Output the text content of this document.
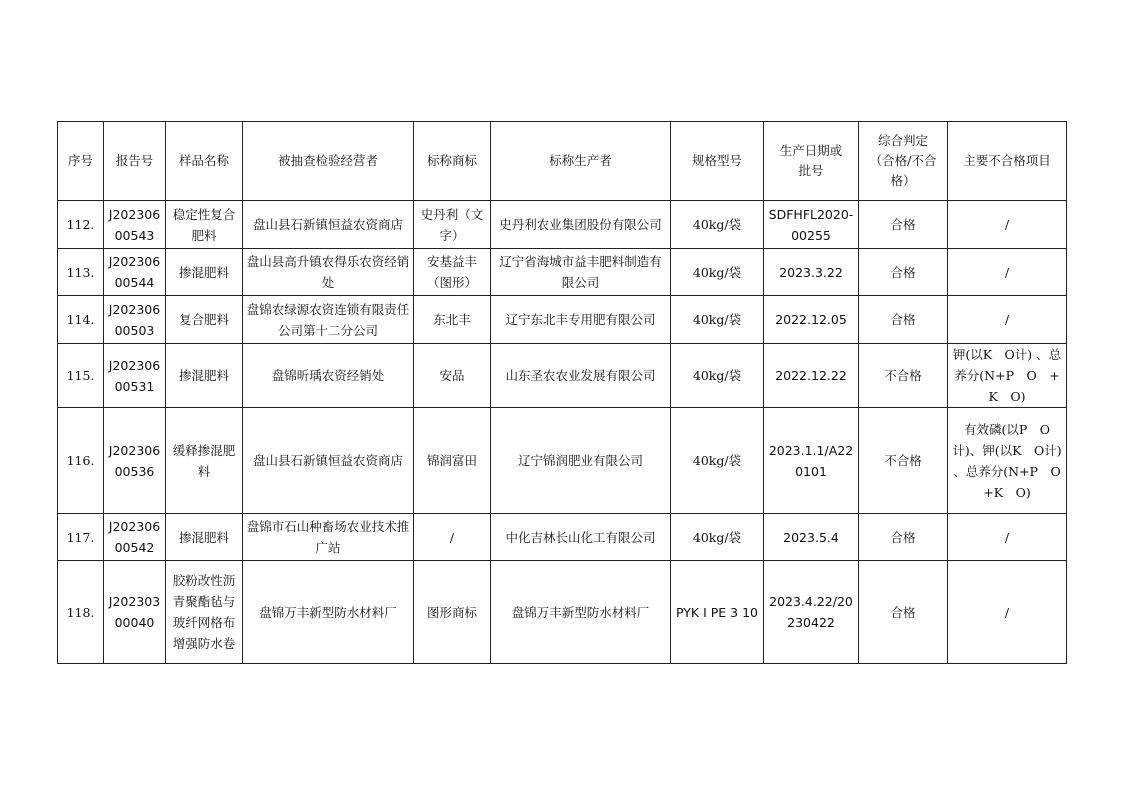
序号	报告号	样品名称	被抽查检验经营者	标称商标	标称生产者	规格型号	生产日期或批号	综合判定（合格/不合格）	主要不合格项目
112.	J20230600543	稳定性复合肥料	盘山县石新镇恒益农资商店	史丹利（文字）	史丹利农业集团股份有限公司	40kg/袋	SDFHFL2020-00255	合格	/
113.	J20230600544	掺混肥料	盘山县高升镇农得乐农资经销处	安基益丰（图形）	辽宁省海城市益丰肥料制造有限公司	40kg/袋	2023.3.22	合格	/
114.	J20230600503	复合肥料	盘锦农绿源农资连锁有限责任公司第十二分公司	东北丰	辽宁东北丰专用肥有限公司	40kg/袋	2022.12.05	合格	/
115.	J20230600531	掺混肥料	盘锦昕瑀农资经销处	安品	山东圣农农业发展有限公司	40kg/袋	2022.12.22	不合格	钾(以K　O计) 、总养分(N+P　O　+K　O)
116.	J20230600536	缓释掺混肥料	盘山县石新镇恒益农资商店	锦润富田	辽宁锦润肥业有限公司	40kg/袋	2023.1.1/A220101	不合格	有效磷(以P　O计)、钾(以K　O计) 、总养分(N+P　O　+K　O)
117.	J20230600542	掺混肥料	盘锦市石山种畜场农业技术推广站	/	中化吉林长山化工有限公司	40kg/袋	2023.5.4	合格	/
118.	J20230300040	胶粉改性沥青聚酯毡与玻纤网格布增强防水卷	盘锦万丰新型防水材料厂	图形商标	盘锦万丰新型防水材料厂	PYK Ⅰ PE 3 10	2023.4.22/20230422	合格	/
